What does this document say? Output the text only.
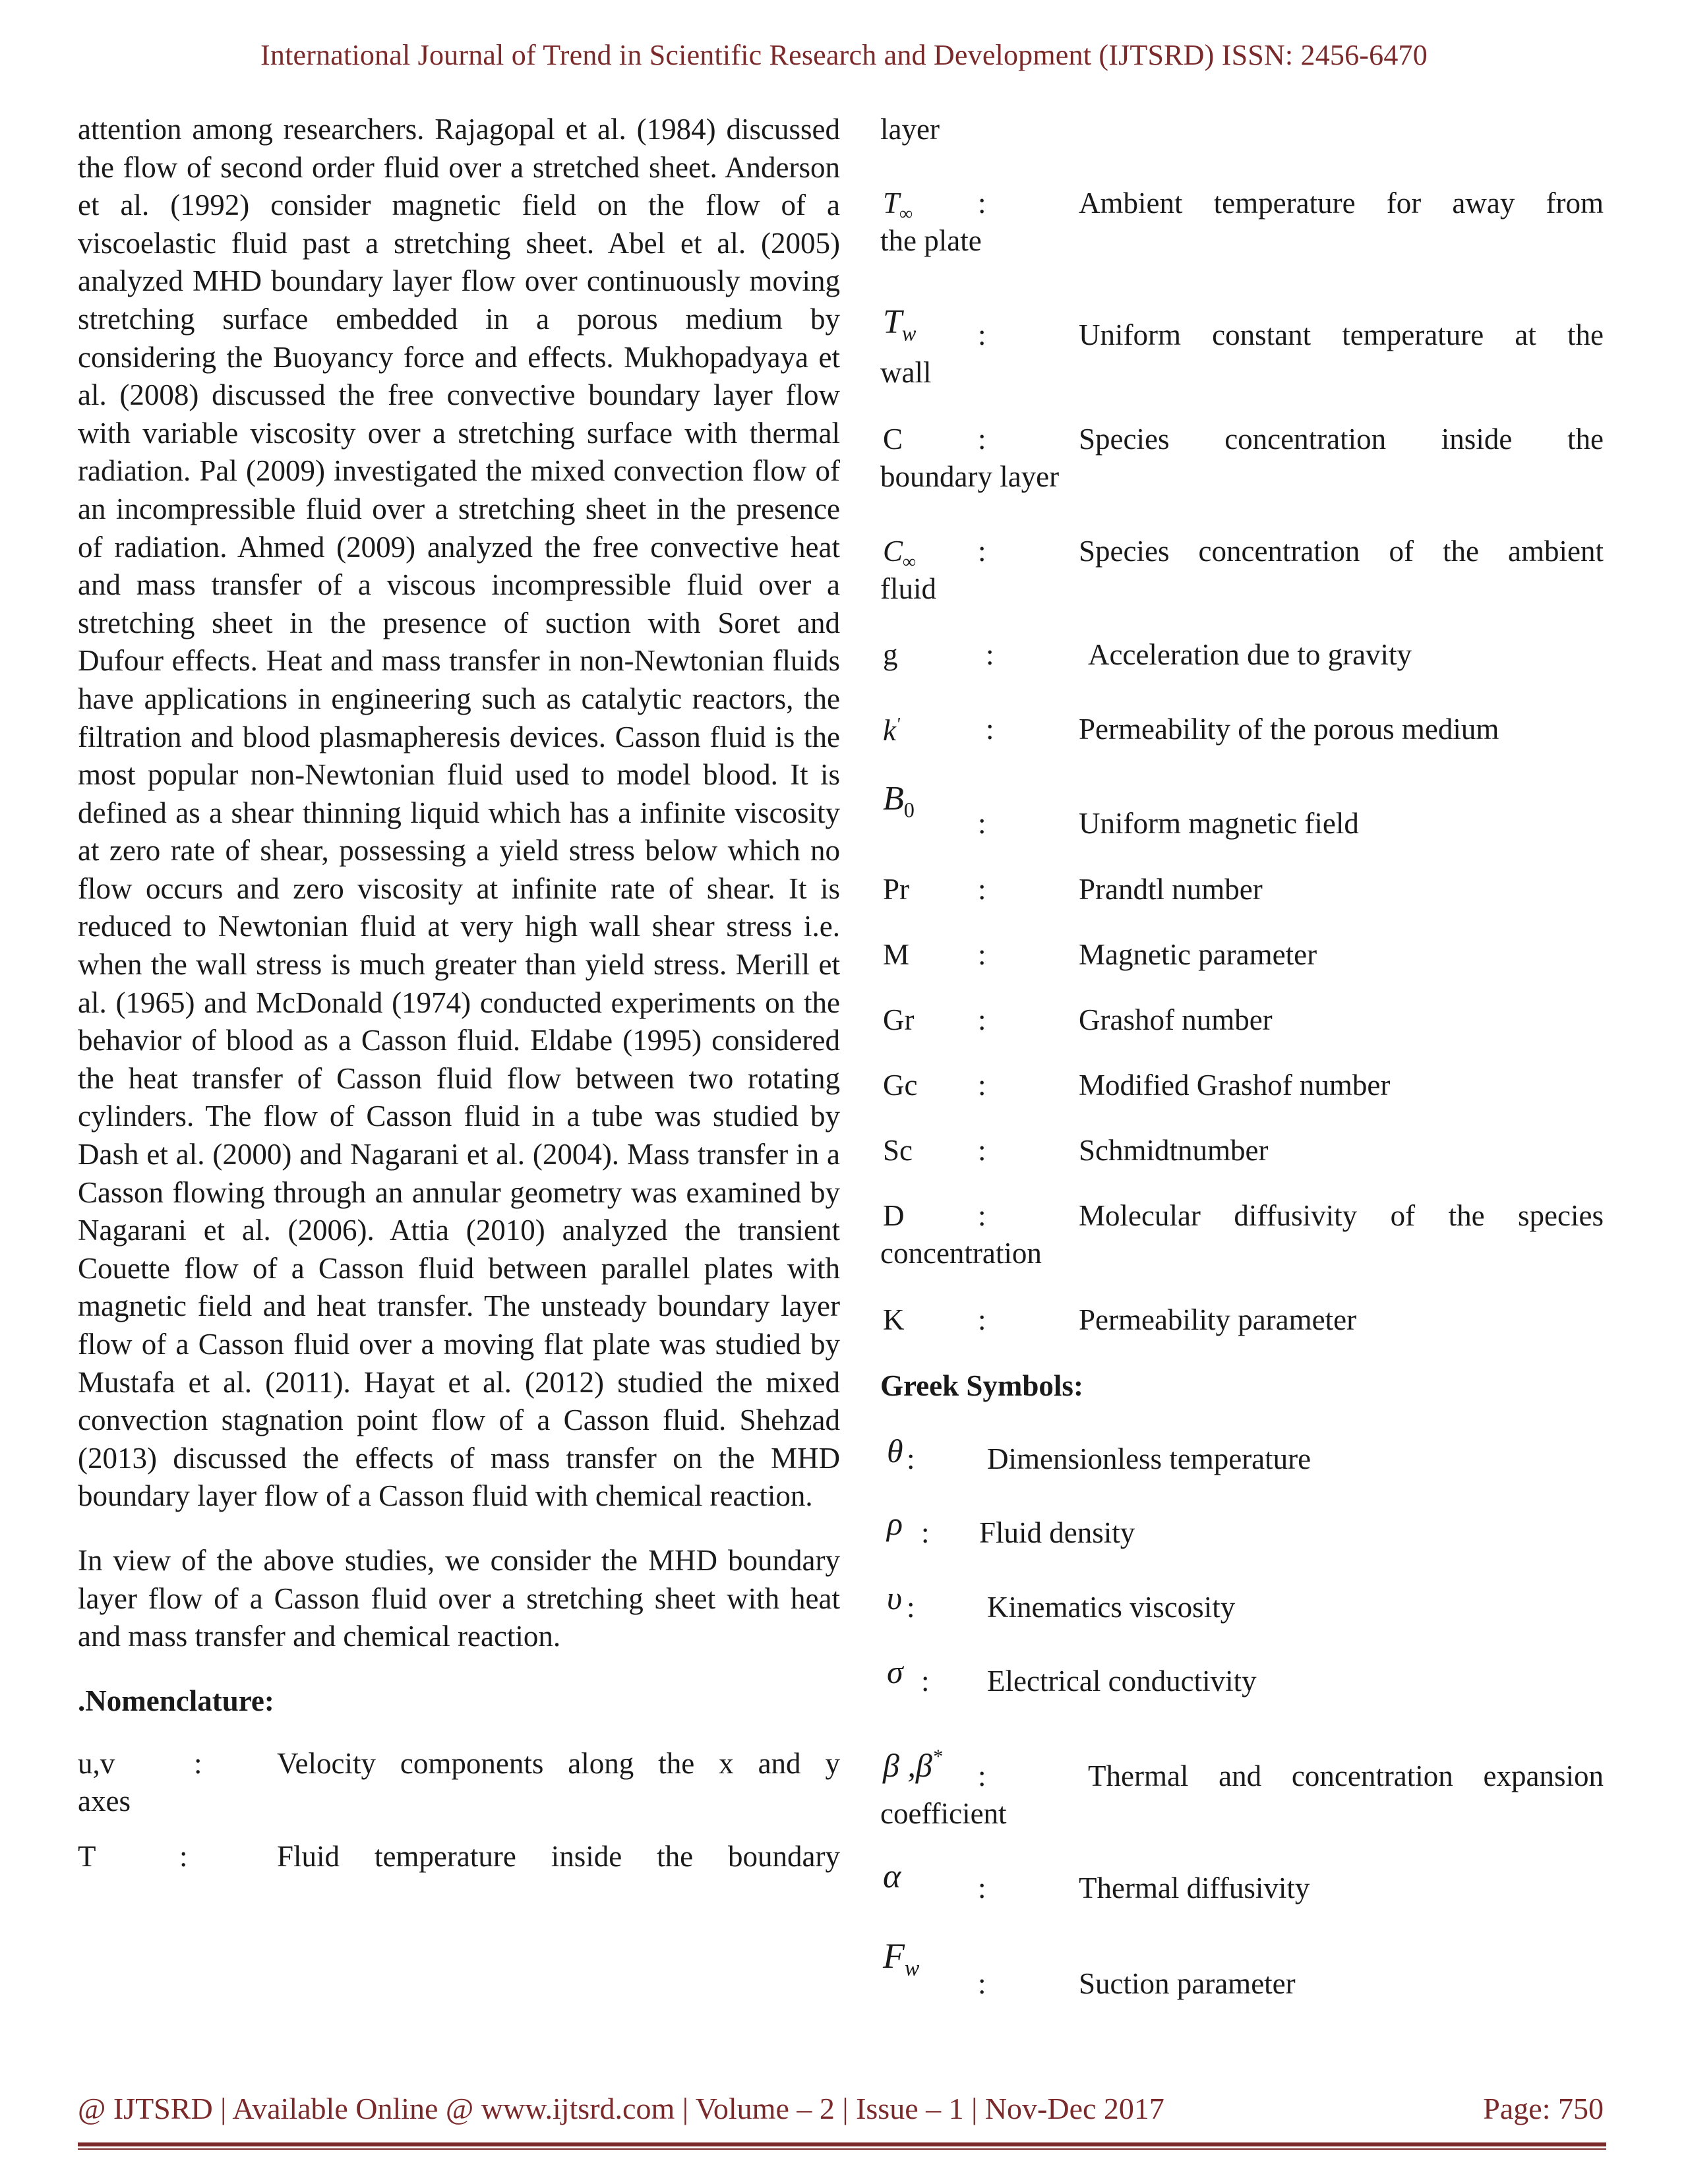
International Journal of Trend in Scientific Research and Development (IJTSRD) ISSN: 2456-6470

attention among researchers. Rajagopal et al. (1984) discussed the flow of second order fluid over a stretched sheet. Anderson et al. (1992) consider magnetic field on the flow of a viscoelastic fluid past a stretching sheet. Abel et al. (2005) analyzed MHD boundary layer flow over continuously moving stretching surface embedded in a porous medium by considering the Buoyancy force and effects. Mukhopadyaya et al. (2008) discussed the free convective boundary layer flow with variable viscosity over a stretching surface with thermal radiation. Pal (2009) investigated the mixed convection flow of an incompressible fluid over a stretching sheet in the presence of radiation. Ahmed (2009) analyzed the free convective heat and mass transfer of a viscous incompressible fluid over a stretching sheet in the presence of suction with Soret and Dufour effects. Heat and mass transfer in non-Newtonian fluids have applications in engineering such as catalytic reactors, the filtration and blood plasmapheresis devices. Casson fluid is the most popular non-Newtonian fluid used to model blood. It is defined as a shear thinning liquid which has a infinite viscosity at zero rate of shear, possessing a yield stress below which no flow occurs and zero viscosity at infinite rate of shear. It is reduced to Newtonian fluid at very high wall shear stress i.e. when the wall stress is much greater than yield stress. Merill et al. (1965) and McDonald (1974) conducted experiments on the behavior of blood as a Casson fluid. Eldabe (1995) considered the heat transfer of Casson fluid flow between two rotating cylinders. The flow of Casson fluid in a tube was studied by Dash et al. (2000) and Nagarani et al. (2004). Mass transfer in a Casson flowing through an annular geometry was examined by Nagarani et al. (2006). Attia (2010) analyzed the transient Couette flow of a Casson fluid between parallel plates with magnetic field and heat transfer. The unsteady boundary layer flow of a Casson fluid over a moving flat plate was studied by Mustafa et al. (2011). Hayat et al. (2012) studied the mixed convection stagnation point flow of a Casson fluid. Shehzad (2013) discussed the effects of mass transfer on the MHD boundary layer flow of a Casson fluid with chemical reaction.

In view of the above studies, we consider the MHD boundary layer flow of a Casson fluid over a stretching sheet with heat and mass transfer and chemical reaction.

.Nomenclature:
u,v	:	Velocity components along the x and y
axes
T	:	Fluid temperature inside the boundary
layer
$T_\infty$ :	Ambient temperature for away from
the plate
$T_w$ :	Uniform constant temperature at the
wall
C	:	Species concentration inside the
boundary layer
$C_\infty$ :	Species concentration of the ambient
fluid
g	:	Acceleration due to gravity
k'	:	Permeability of the porous medium
$B_0$ :	Uniform magnetic field
Pr :	Prandtl number
M :	Magnetic parameter
Gr :	Grashof number
Gc :	Modified Grashof number
Sc :	Schmidtnumber
D :	Molecular diffusivity of the species
concentration
K :	Permeability parameter
Greek Symbols:
θ : Dimensionless temperature
ρ : Fluid density
υ : Kinematics viscosity
σ : Electrical conductivity
β ,β*
:	Thermal and concentration expansion
coefficient
α	:	Thermal diffusivity
$F_w$ :	Suction parameter
@ IJTSRD | Available Online @ www.ijtsrd.com | Volume – 2 | Issue – 1 | Nov-Dec 2017	Page: 750
